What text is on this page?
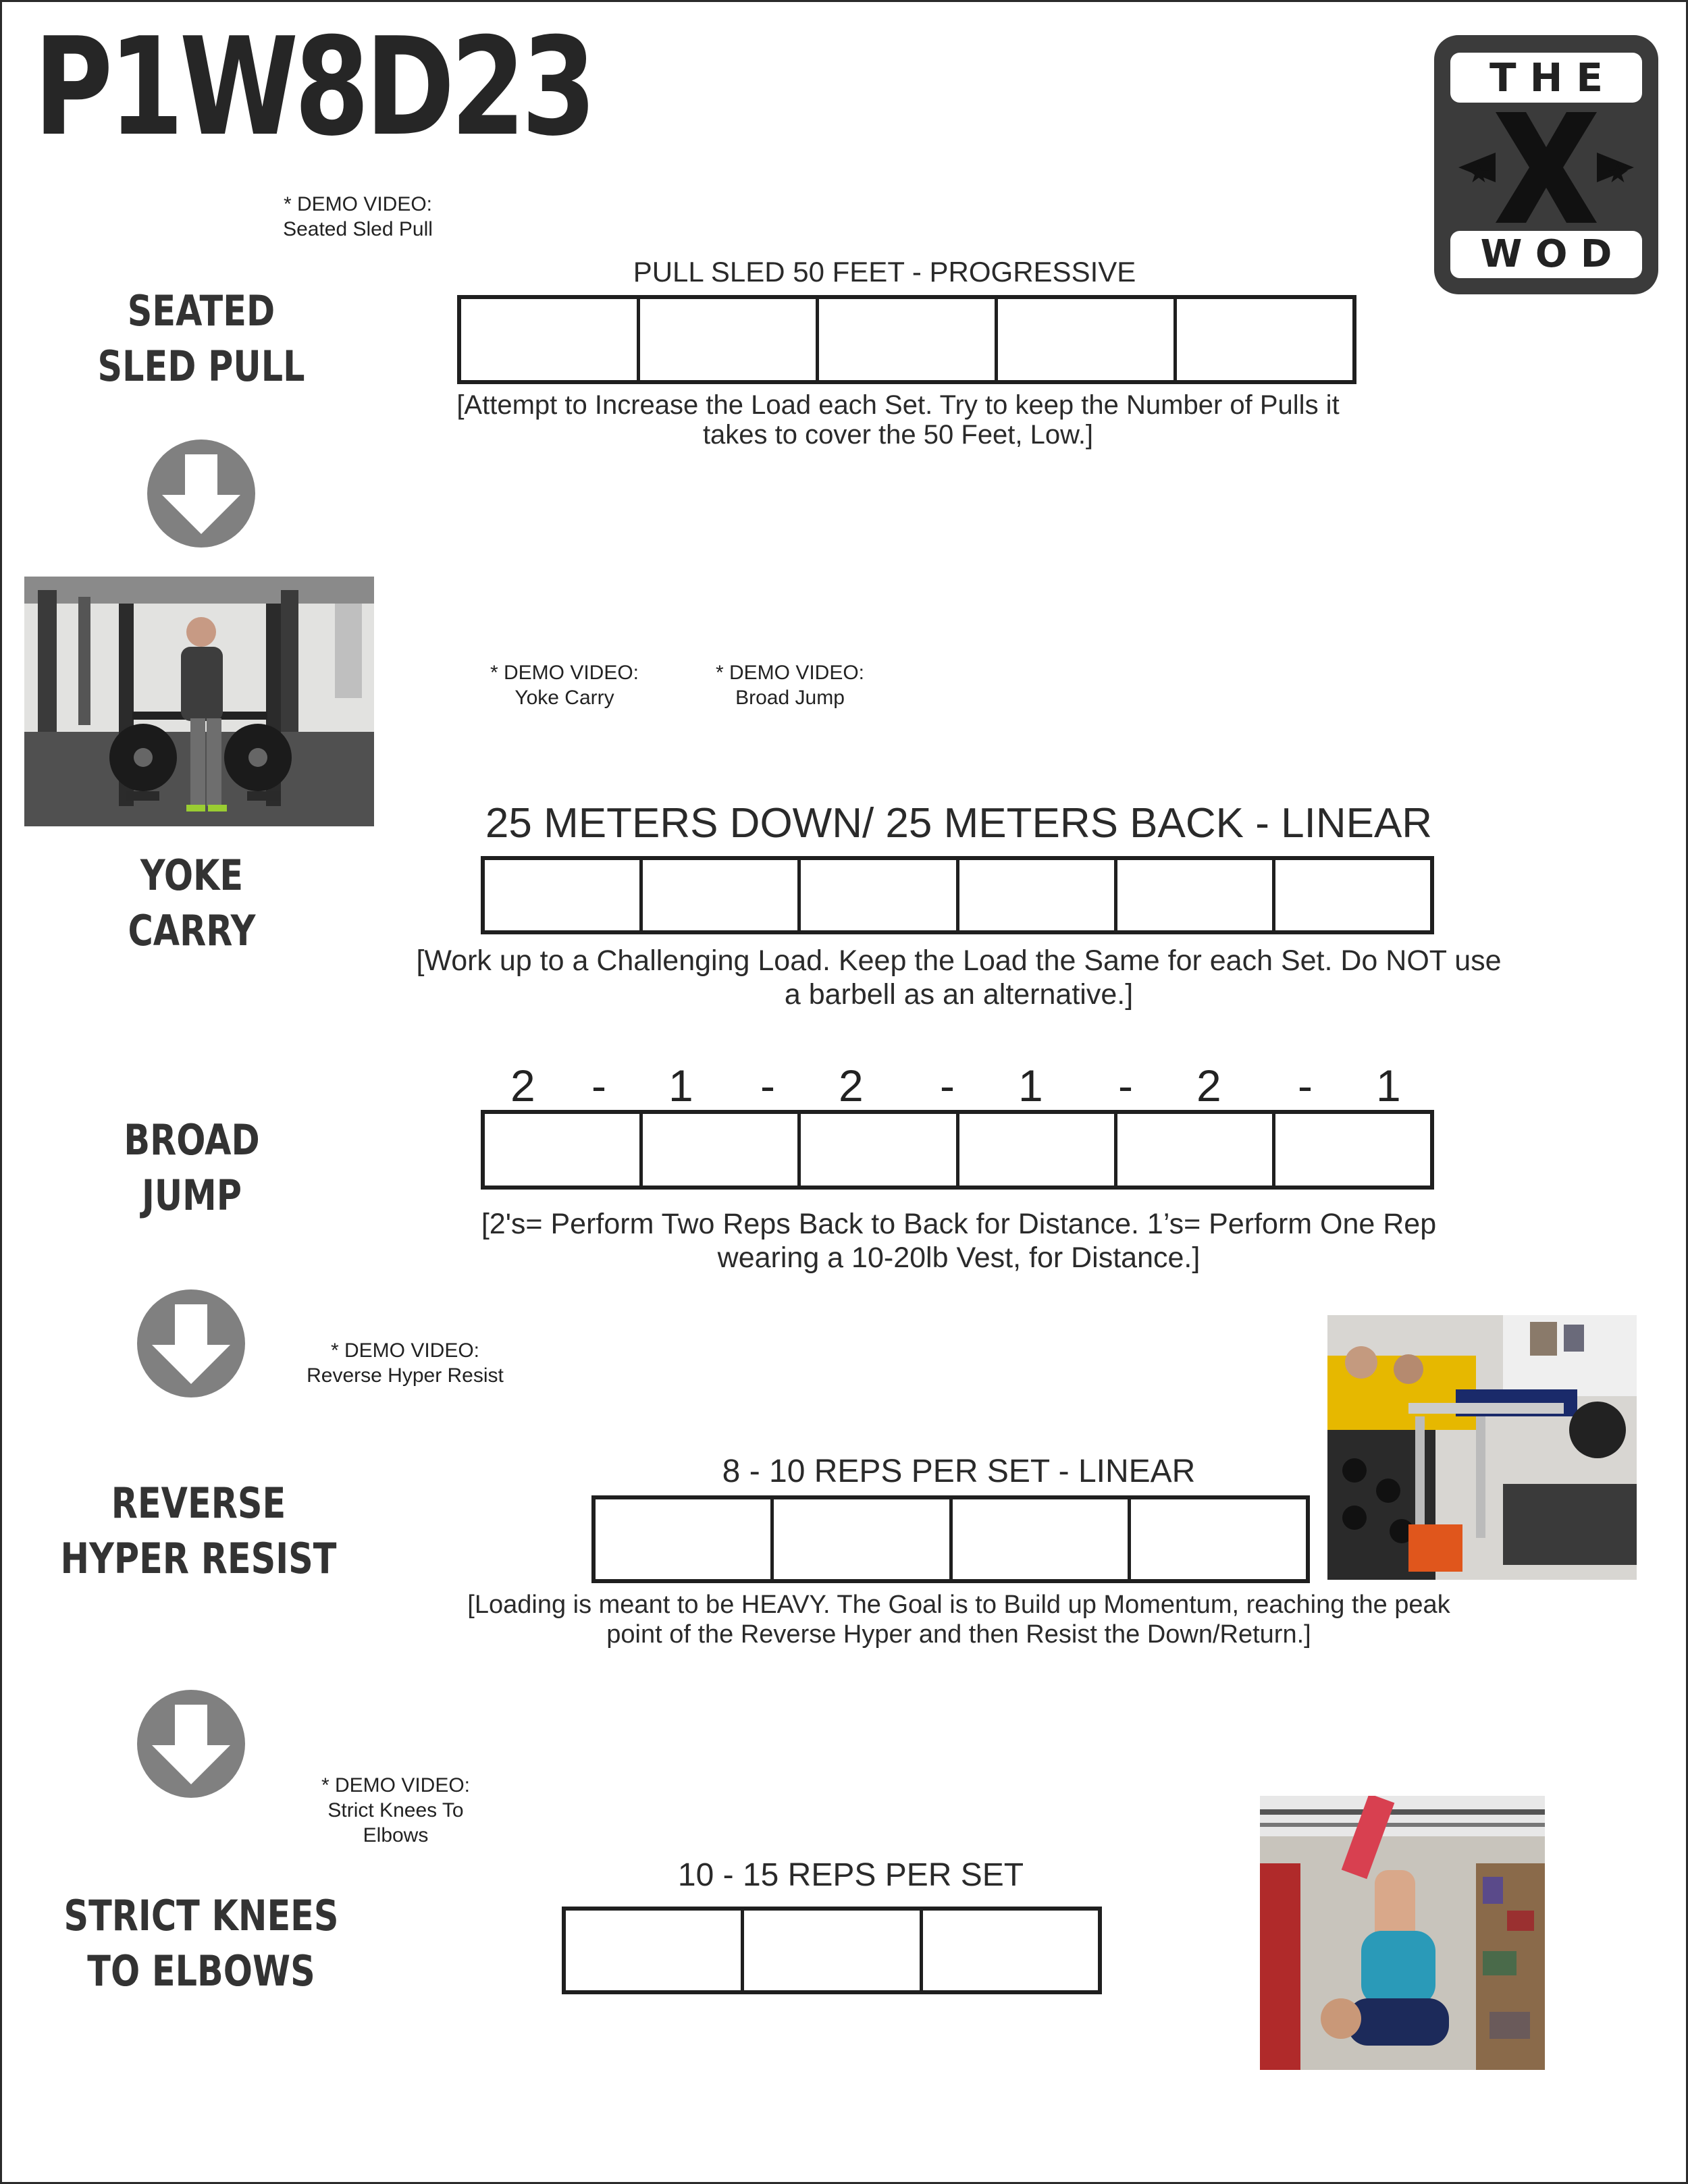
P1W8D23
★	★
T H E
W O D
* DEMO VIDEO:
Seated Sled Pull
SEATED
SLED PULL
PULL SLED 50 FEET - PROGRESSIVE
[Attempt to Increase the Load each Set. Try to keep the Number of Pulls it
takes to cover the 50 Feet, Low.]
* DEMO VIDEO:
Yoke Carry
* DEMO VIDEO:
Broad Jump
25 METERS DOWN/ 25 METERS BACK - LINEAR
YOKE
CARRY
[Work up to a Challenging Load. Keep the Load the Same for each Set. Do NOT use
a barbell as an alternative.]
2 - 1 - 2 - 1 - 2 - 1
BROAD
JUMP
[2's= Perform Two Reps Back to Back for Distance. 1’s= Perform One Rep
wearing a 10-20lb Vest, for Distance.]
* DEMO VIDEO:
Reverse Hyper Resist
REVERSE
HYPER RESIST
8 - 10 REPS PER SET - LINEAR
[Loading is meant to be HEAVY. The Goal is to Build up Momentum, reaching the peak
point of the Reverse Hyper and then Resist the Down/Return.]
* DEMO VIDEO:
Strict Knees To
Elbows
10 - 15 REPS PER SET
STRICT KNEES
TO ELBOWS
